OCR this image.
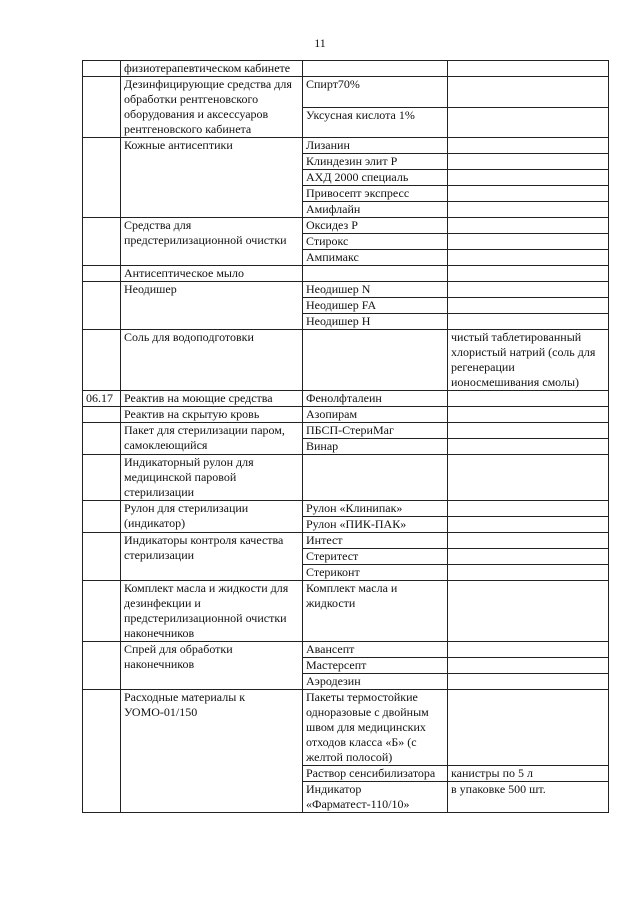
11
	физиотерапевтическом кабинете		
	Дезинфицирующие средства для обработки рентгеновского оборудования и аксессуаров рентгеновского кабинета	Спирт70%	
		Уксусная кислота 1%	
	Кожные антисептики	Лизанин	
		Клиндезин элит Р	
		АХД 2000 специаль	
		Привосепт экспресс	
		Амифлайн	
	Средства для предстерилизационной очистки	Оксидез Р	
		Стирокс	
		Ампимакс	
	Антисептическое мыло		
	Неодишер	Неодишер N	
		Неодишер FA	
		Неодишер Н	
	Соль для водоподготовки		чистый таблетированный хлористый натрий (соль для регенерации ионосмешивания смолы)
06.17	Реактив на моющие средства	Фенолфталеин	
	Реактив на скрытую кровь	Азопирам	
	Пакет для стерилизации паром, самоклеющийся	ПБСП-СтериМаг	
		Винар	
	Индикаторный рулон для медицинской паровой стерилизации		
	Рулон для стерилизации (индикатор)	Рулон «Клинипак»	
		Рулон «ПИК-ПАК»	
	Индикаторы контроля качества стерилизации	Интест	
		Стеритест	
		Стериконт	
	Комплект масла и жидкости для дезинфекции и предстерилизационной очистки наконечников	Комплект масла и жидкости	
	Спрей для обработки наконечников	Авансепт	
		Мастерсепт	
		Аэродезин	
	Расходные материалы к УОМО-01/150	Пакеты термостойкие одноразовые с двойным швом для медицинских отходов класса «Б» (с желтой полосой)	
		Раствор сенсибилизатора	канистры по 5 л
		Индикатор «Фарматест-110/10»	в упаковке 500 шт.
